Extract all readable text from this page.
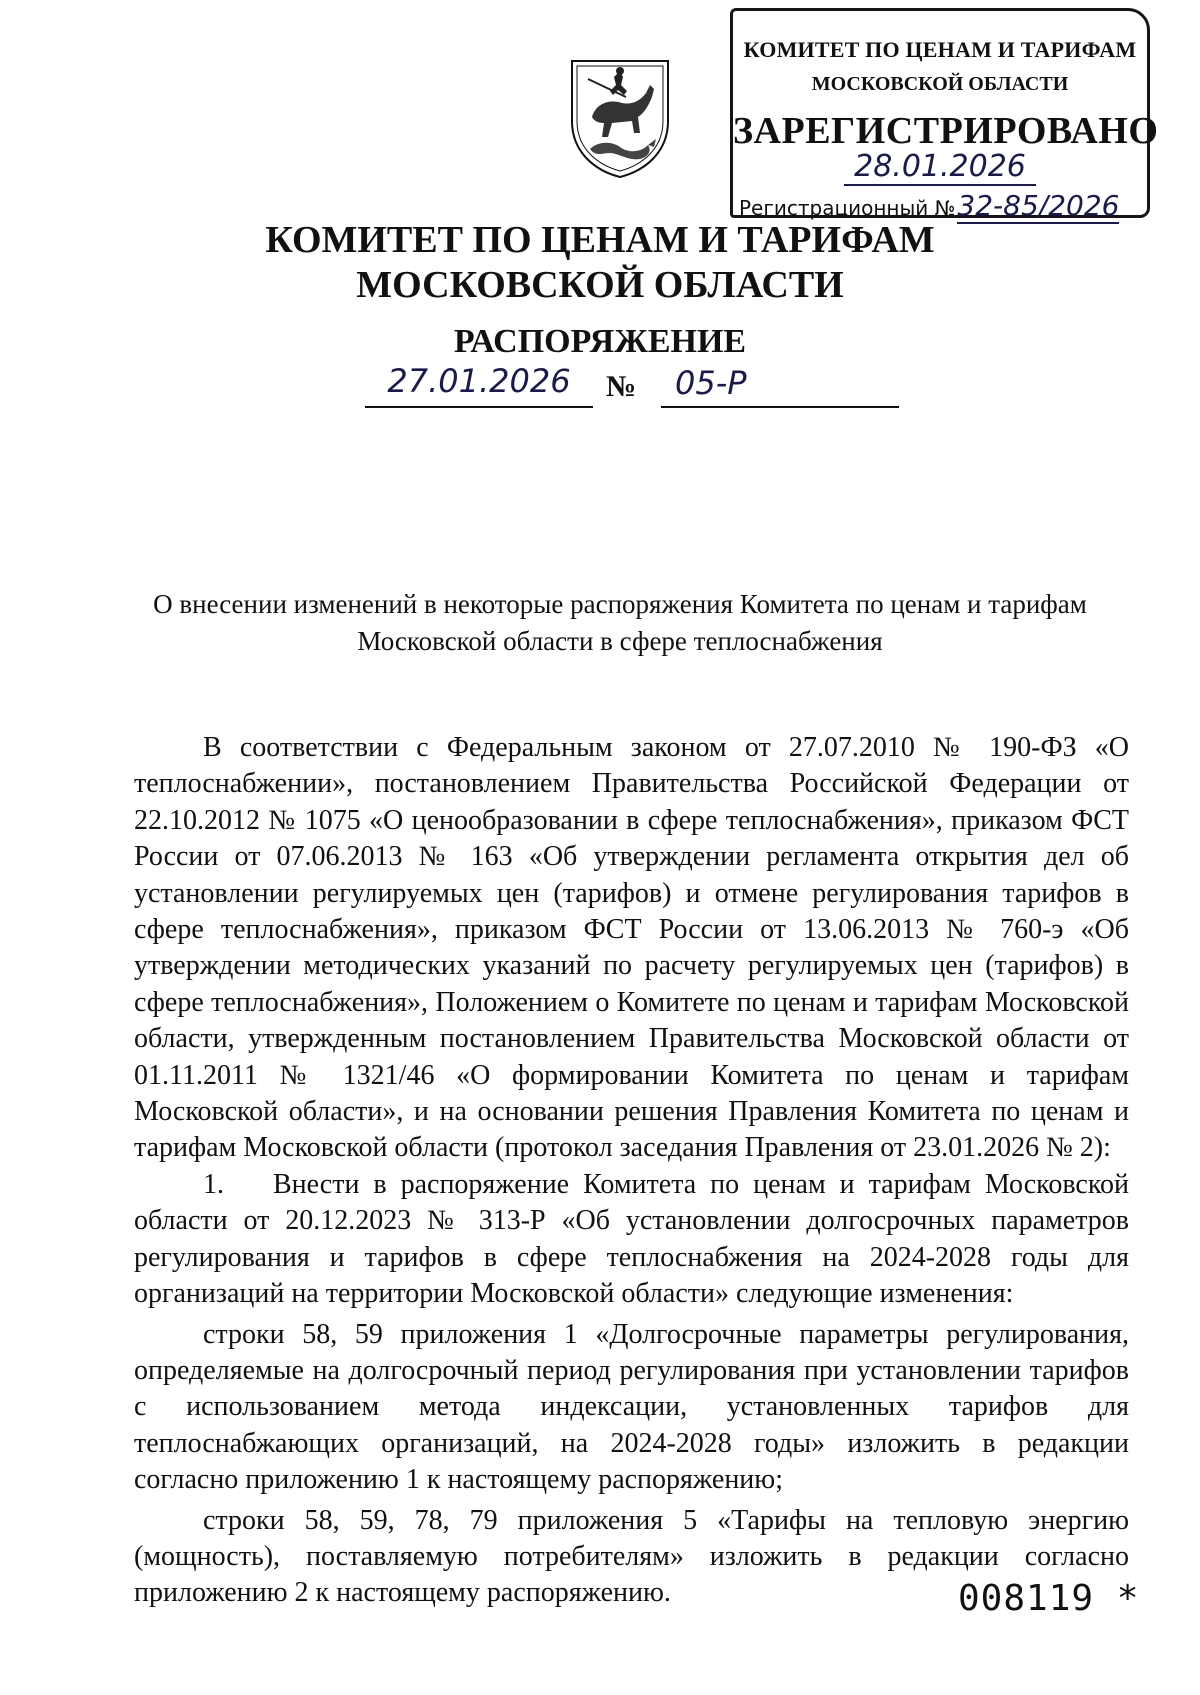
КОМИТЕТ ПО ЦЕНАМ И ТАРИФАМ
МОСКОВСКОЙ ОБЛАСТИ
ЗАРЕГИСТРИРОВАНО
28.01.2026
Регистрационный №32-85/2026
КОМИТЕТ ПО ЦЕНАМ И ТАРИФАМ
МОСКОВСКОЙ ОБЛАСТИ
РАСПОРЯЖЕНИЕ
27.01.2026	№	05-Р
О внесении изменений в некоторые распоряжения Комитета по ценам и тарифам
Московской области в сфере теплоснабжения

В соответствии с Федеральным законом от 27.07.2010 № 190-ФЗ «О теплоснабжении», постановлением Правительства Российской Федерации от 22.10.2012 № 1075 «О ценообразовании в сфере теплоснабжения», приказом ФСТ России от 07.06.2013 № 163 «Об утверждении регламента открытия дел об установлении регулируемых цен (тарифов) и отмене регулирования тарифов в сфере теплоснабжения», приказом ФСТ России от 13.06.2013 № 760-э «Об утверждении методических указаний по расчету регулируемых цен (тарифов) в сфере теплоснабжения», Положением о Комитете по ценам и тарифам Московской области, утвержденным постановлением Правительства Московской области от 01.11.2011 № 1321/46 «О формировании Комитета по ценам и тарифам Московской области», и на основании решения Правления Комитета по ценам и тарифам Московской области (протокол заседания Правления от 23.01.2026 № 2):

1. Внести в распоряжение Комитета по ценам и тарифам Московской области от 20.12.2023 № 313-Р «Об установлении долгосрочных параметров регулирования и тарифов в сфере теплоснабжения на 2024-2028 годы для организаций на территории Московской области» следующие изменения:

строки 58, 59 приложения 1 «Долгосрочные параметры регулирования, определяемые на долгосрочный период регулирования при установлении тарифов с использованием метода индексации, установленных тарифов для теплоснабжающих организаций, на 2024-2028 годы» изложить в редакции согласно приложению 1 к настоящему распоряжению;

строки 58, 59, 78, 79 приложения 5 «Тарифы на тепловую энергию (мощность), поставляемую потребителям» изложить в редакции согласно приложению 2 к настоящему распоряжению.	008119 *
